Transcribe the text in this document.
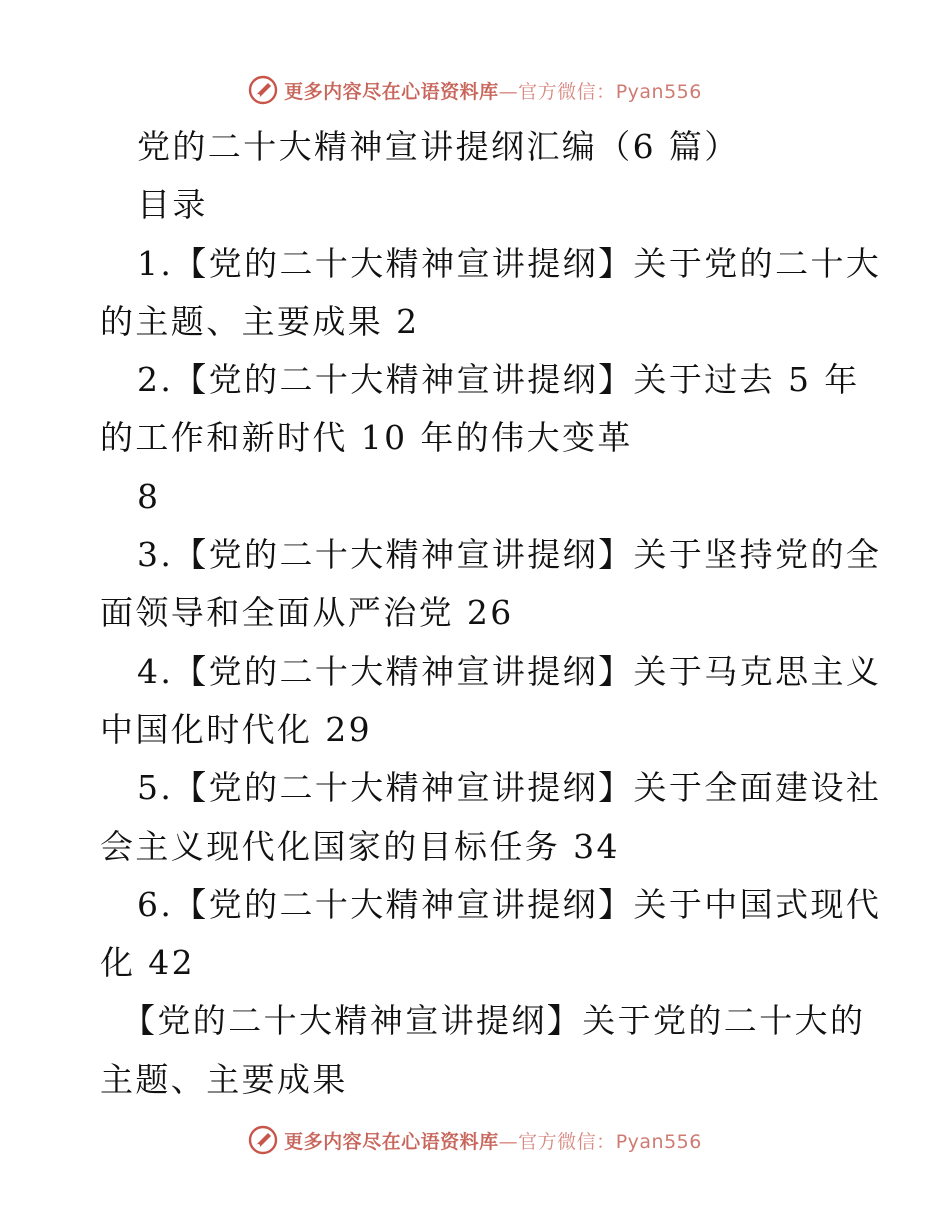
更多内容尽在心语资料库—官方微信：Pyan556
党的二十大精神宣讲提纲汇编（6 篇）
目录
1.【党的二十大精神宣讲提纲】关于党的二十大
的主题、主要成果 2
2.【党的二十大精神宣讲提纲】关于过去 5 年
的工作和新时代 10 年的伟大变革
8
3.【党的二十大精神宣讲提纲】关于坚持党的全
面领导和全面从严治党 26
4.【党的二十大精神宣讲提纲】关于马克思主义
中国化时代化 29
5.【党的二十大精神宣讲提纲】关于全面建设社
会主义现代化国家的目标任务 34
6.【党的二十大精神宣讲提纲】关于中国式现代
化 42
【党的二十大精神宣讲提纲】关于党的二十大的
主题、主要成果
更多内容尽在心语资料库—官方微信：Pyan556
